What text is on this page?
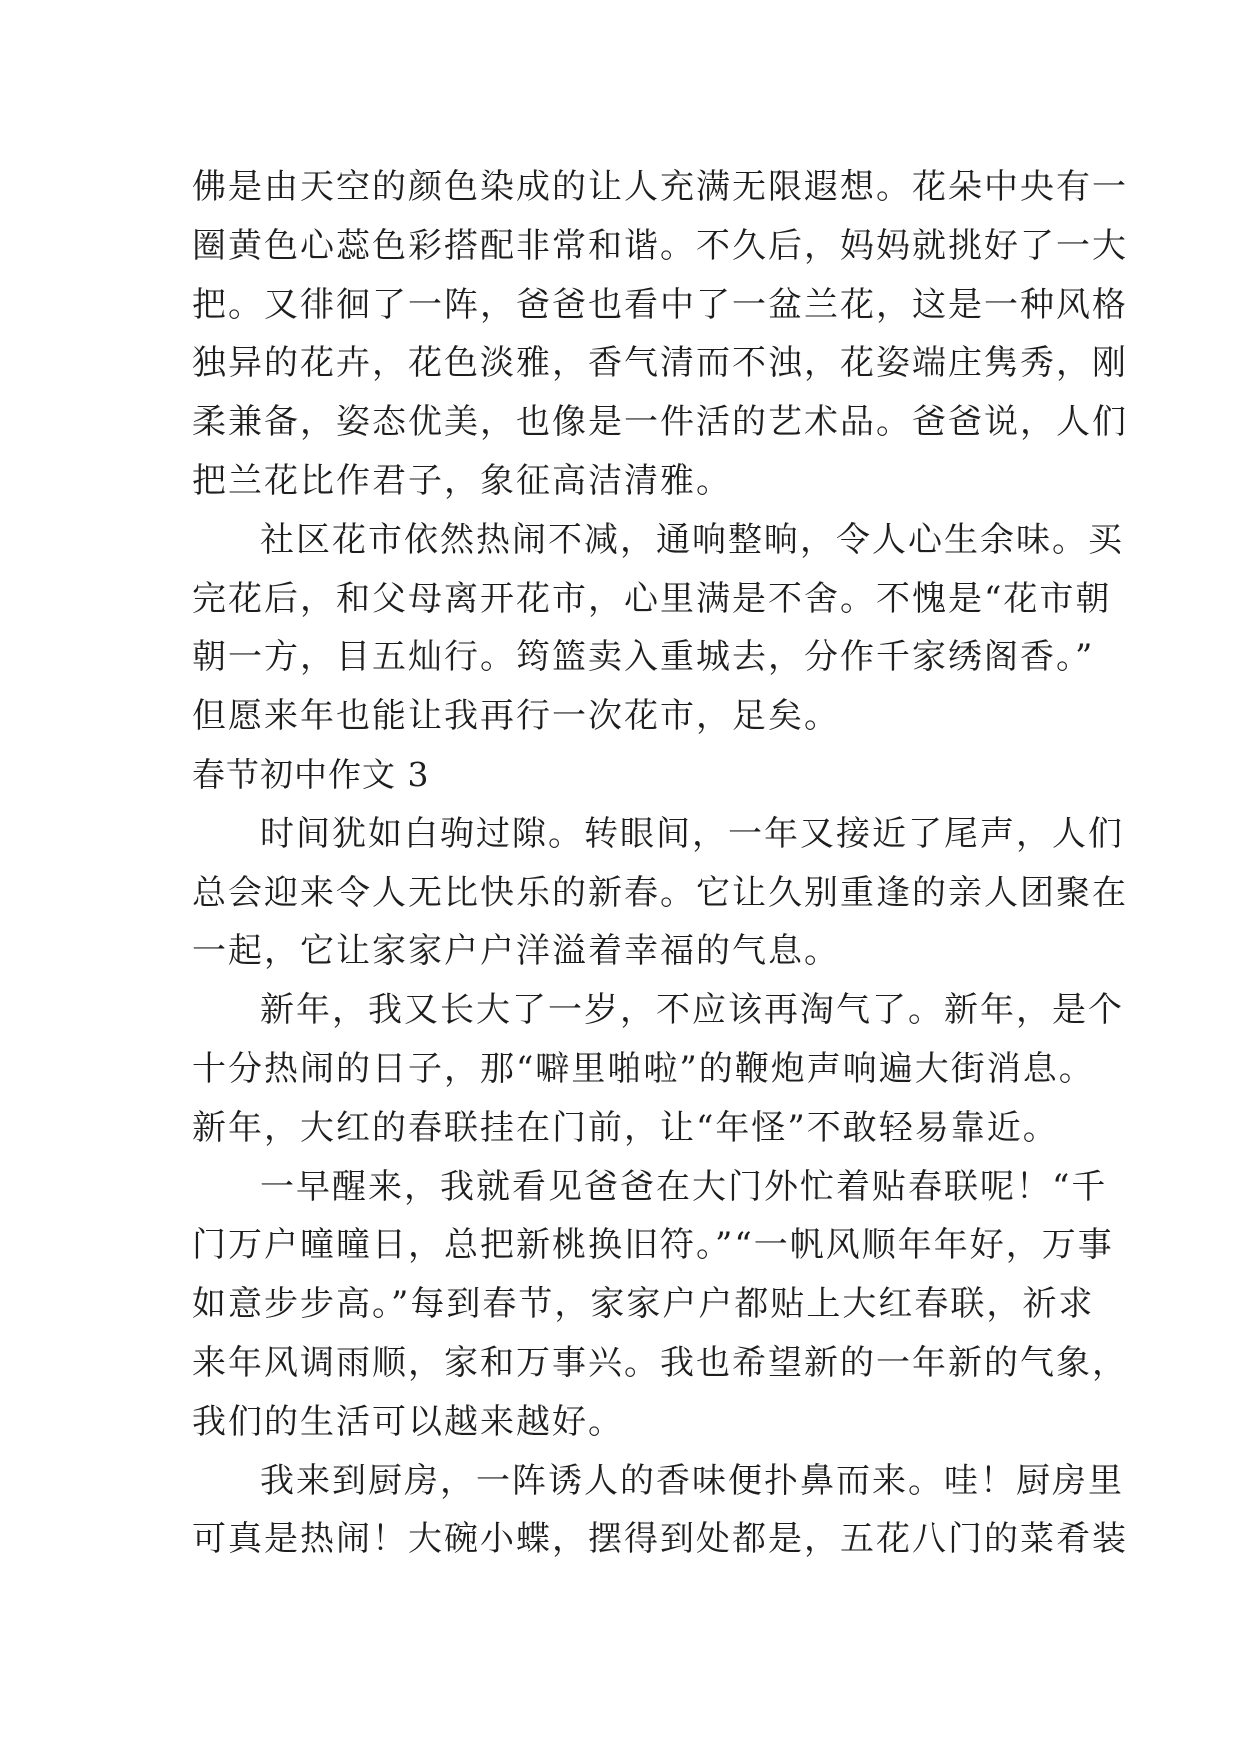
佛是由天空的颜色染成的让人充满无限遐想。花朵中央有一
圈黄色心蕊色彩搭配非常和谐。不久后，妈妈就挑好了一大
把。又徘徊了一阵，爸爸也看中了一盆兰花，这是一种风格
独异的花卉，花色淡雅，香气清而不浊，花姿端庄隽秀，刚
柔兼备，姿态优美，也像是一件活的艺术品。爸爸说，人们
把兰花比作君子，象征高洁清雅。
社区花市依然热闹不减，通响整晌，令人心生余味。买
完花后，和父母离开花市，心里满是不舍。不愧是“花市朝
朝一方，目五灿行。筠篮卖入重城去，分作千家绣阁香。”
但愿来年也能让我再行一次花市，足矣。
春节初中作文 3
时间犹如白驹过隙。转眼间，一年又接近了尾声，人们
总会迎来令人无比快乐的新春。它让久别重逢的亲人团聚在
一起，它让家家户户洋溢着幸福的气息。
新年，我又长大了一岁，不应该再淘气了。新年，是个
十分热闹的日子，那“噼里啪啦”的鞭炮声响遍大街消息。
新年，大红的春联挂在门前，让“年怪”不敢轻易靠近。
一早醒来，我就看见爸爸在大门外忙着贴春联呢！“千
门万户曈曈日，总把新桃换旧符。”“一帆风顺年年好，万事
如意步步高。”每到春节，家家户户都贴上大红春联，祈求
来年风调雨顺，家和万事兴。我也希望新的一年新的气象，
我们的生活可以越来越好。
我来到厨房，一阵诱人的香味便扑鼻而来。哇！厨房里
可真是热闹！大碗小蝶，摆得到处都是，五花八门的菜肴装
